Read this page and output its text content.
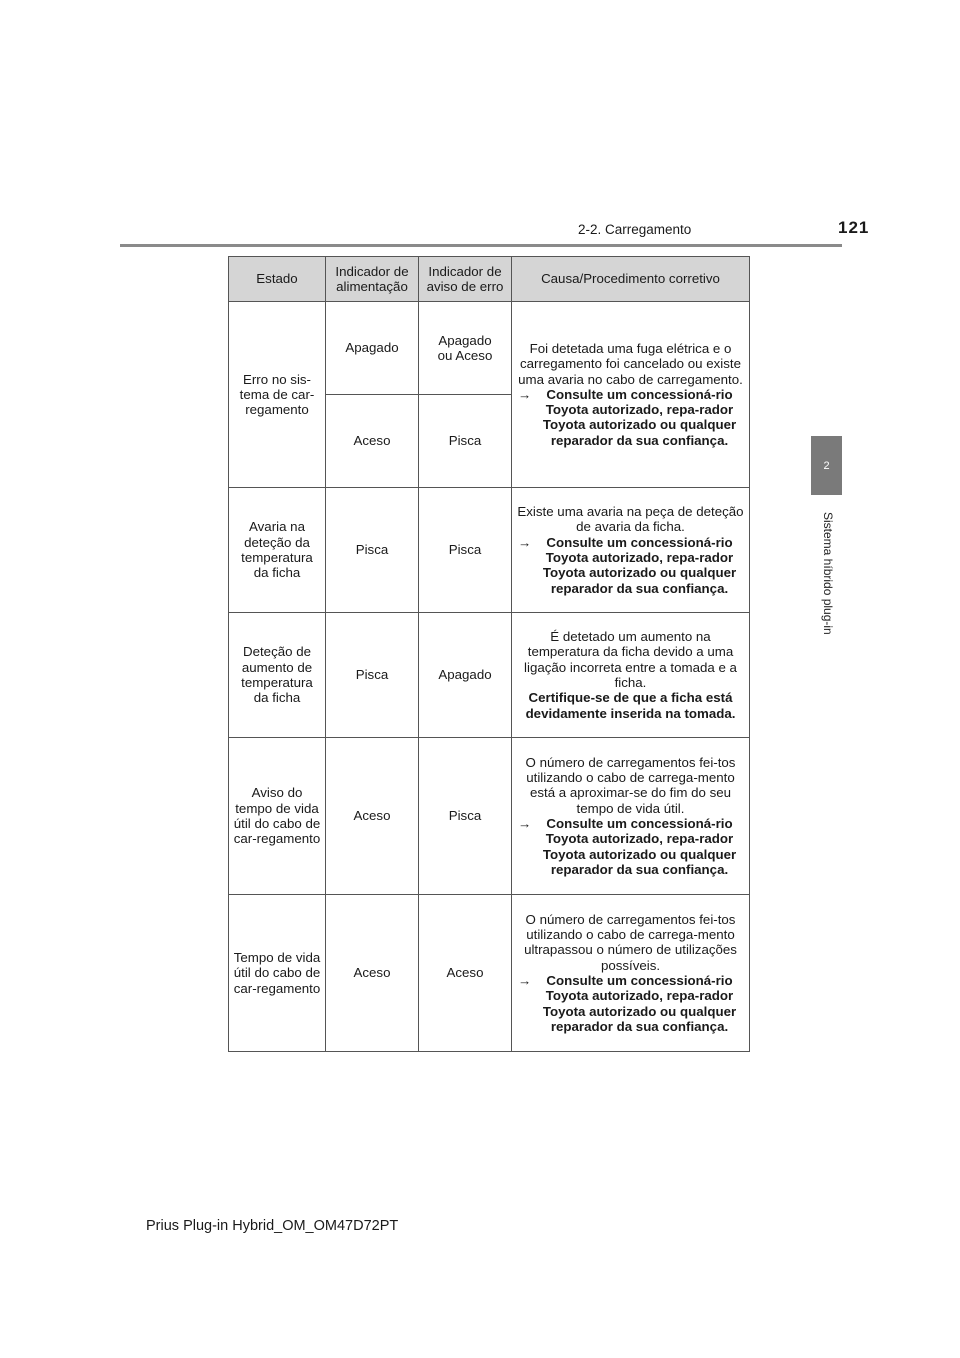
2-2. Carregamento	121
2
Sistema híbrido plug-in
Estado	Indicador de alimentação	Indicador de aviso de erro	Causa/Procedimento corretivo
Erro no sis-tema de car-regamento	Apagado	Apagado ou Aceso	Foi detetada uma fuga elétrica e o carregamento foi cancelado ou existe uma avaria no cabo de carregamento.
→ Consulte um concessioná-rio Toyota autorizado, repa-rador Toyota autorizado ou qualquer reparador da sua confiança.

	Aceso	Pisca	
Avaria na deteção da temperatura da ficha	Pisca	Pisca	Existe uma avaria na peça de deteção de avaria da ficha.
→ Consulte um concessioná-rio Toyota autorizado, repa-rador Toyota autorizado ou qualquer reparador da sua confiança.

Deteção de aumento de temperatura da ficha	Pisca	Apagado	É detetado um aumento na temperatura da ficha devido a uma ligação incorreta entre a tomada e a ficha.
Certifique-se de que a ficha está devidamente inserida na tomada.

Aviso do tempo de vida útil do cabo de car-regamento	Aceso	Pisca	O número de carregamentos fei-tos utilizando o cabo de carrega-mento está a aproximar-se do fim do seu tempo de vida útil.
→ Consulte um concessioná-rio Toyota autorizado, repa-rador Toyota autorizado ou qualquer reparador da sua confiança.

Tempo de vida útil do cabo de car-regamento	Aceso	Aceso	O número de carregamentos fei-tos utilizando o cabo de carrega-mento ultrapassou o número de utilizações possíveis.
→ Consulte um concessioná-rio Toyota autorizado, repa-rador Toyota autorizado ou qualquer reparador da sua confiança.
Prius Plug-in Hybrid_OM_OM47D72PT
